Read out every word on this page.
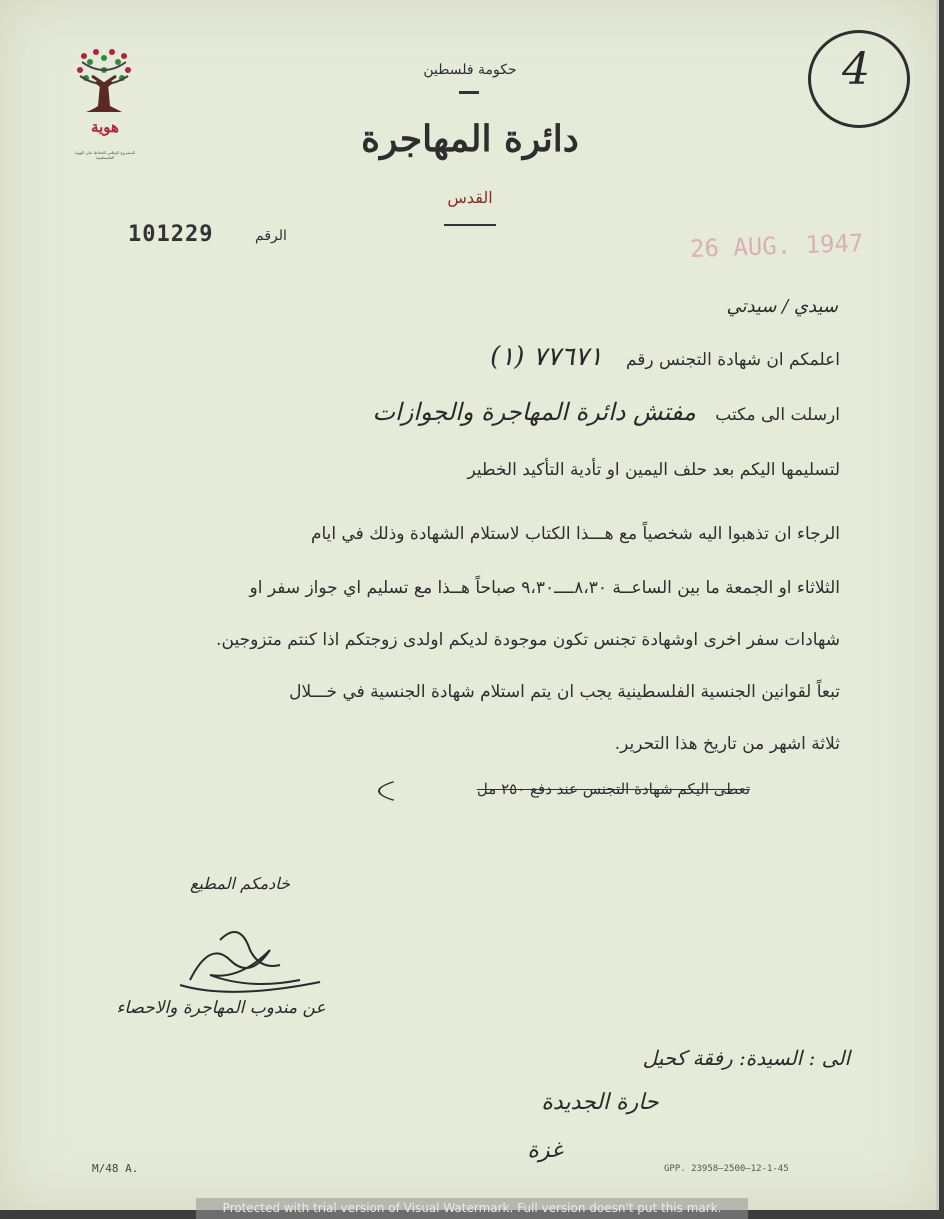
هوية
المشروع الوطني للحفاظ على الهوية الفلسطينية
حكومة فلسطين
دائرة المهاجرة
القدس
101229	الرقم	26 AUG. 1947
4
سيدي / سيدتي
اعلمكم ان شهادة التجنس رقم ٧٧٦٧١ (١)
ارسلت الى مكتب مفتش دائرة المهاجرة والجوازات
لتسليمها اليكم بعد حلف اليمين او تأدية التأكيد الخطير
الرجاء ان تذهبوا اليه شخصياً مع هـــذا الكتاب لاستلام الشهادة وذلك في ايام
الثلاثاء او الجمعة ما بين الساعــة ٨،٣٠ــــ٩،٣٠ صباحاً هــذا مع تسليم اي جواز سفر او
شهادات سفر اخرى اوشهادة تجنس تكون موجودة لديكم اولدى زوجتكم اذا كنتم متزوجين.
تبعاً لقوانين الجنسية الفلسطينية يجب ان يتم استلام شهادة الجنسية في خـــلال
ثلاثة اشهر من تاريخ هذا التحرير.
تعطى اليكم شهادة التجنس عند دفع ٢٥٠ مل
خادمكم المطيع
عن مندوب المهاجرة والاحصاء
الى : السيدة: رفقة كحيل
حارة الجديدة
غزة
M/48 A.	GPP. 23958—2500—12-1-45
Protected with trial version of Visual Watermark. Full version doesn't put this mark.
